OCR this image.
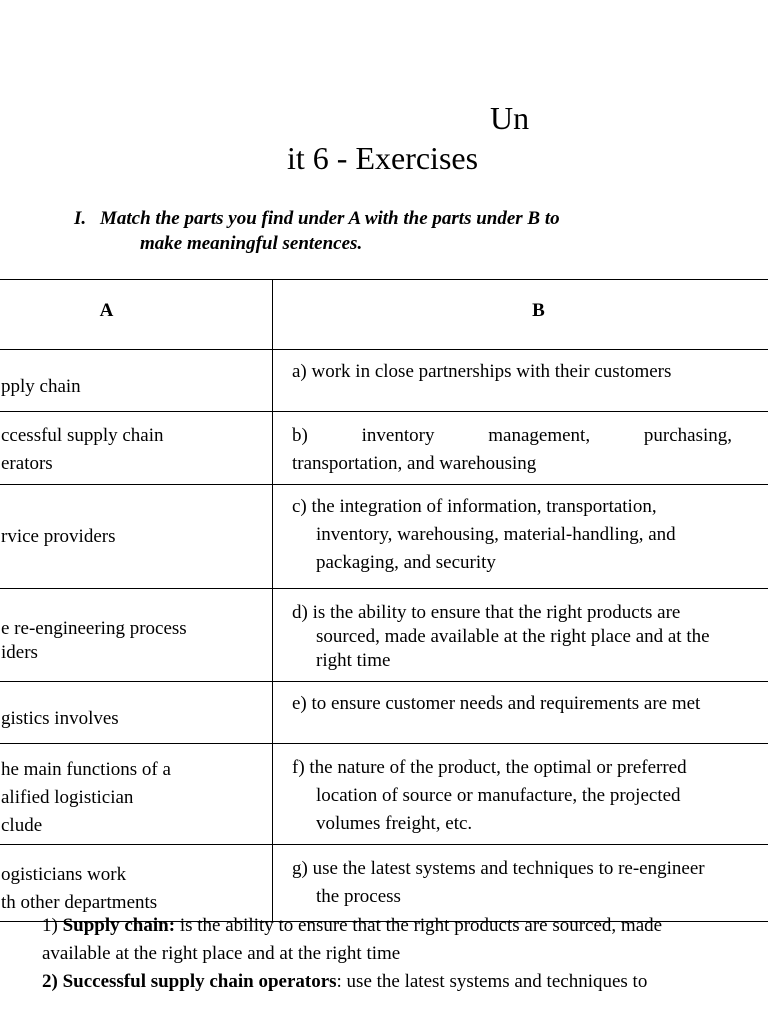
Un
it 6 - Exercises
I. Match the parts you find under A with the parts under B to
make meaningful sentences.
A	B

pply chain	a) work in close partnerships with their customers

ccessful supply chain
erators	b) inventory management, purchasing,
transportation, and warehousing

rvice providers	c) the integration of information, transportation,
inventory, warehousing, material-handling, and
packaging, and security

e re-engineering process
iders	d) is the ability to ensure that the right products are
sourced, made available at the right place and at the
right time

gistics involves	e) to ensure customer needs and requirements are met

he main functions of a
alified logistician
clude	f) the nature of the product, the optimal or preferred
location of source or manufacture, the projected
volumes freight, etc.

ogisticians work
th other departments	g) use the latest systems and techniques to re-engineer
the process

1) Supply chain: is the ability to ensure that the right products are sourced, made

available at the right place and at the right time

2) Successful supply chain operators: use the latest systems and techniques to
